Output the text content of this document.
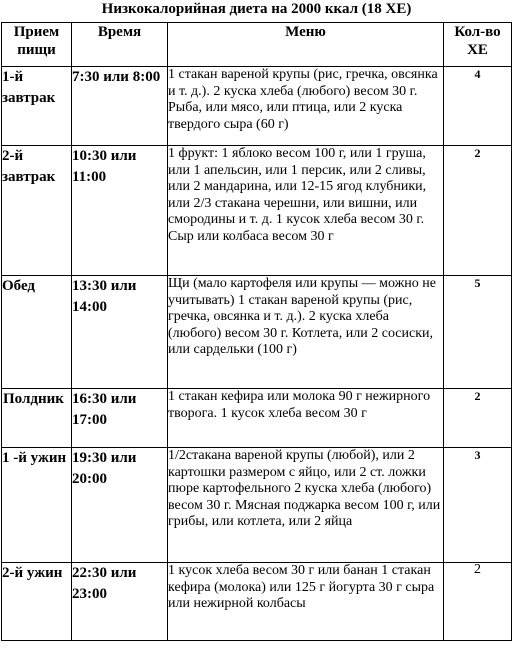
Низкокалорийная диета на 2000 ккал (18 ХЕ)
Прием пищи	Время	Меню	Кол-во ХЕ
1-й завтрак	7:30 или 8:00	1 стакан вареной крупы (рис, гречка, овсянка и т. д.). 2 куска хлеба (любого) весом 30 г. Рыба, или мясо, или птица, или 2 куска твердого сыра (60 г)	4
2-й завтрак	10:30 или 11:00	1 фрукт: 1 яблоко весом 100 г, или 1 груша, или 1 апельсин, или 1 персик, или 2 сливы, или 2 мандарина, или 12-15 ягод клубники, или 2/3 стакана черешни, или вишни, или смородины и т. д. 1 кусок хлеба весом 30 г. Сыр или колбаса весом 30 г	2
Обед	13:30 или 14:00	Щи (мало картофеля или крупы — можно не учитывать) 1 стакан вареной крупы (рис, гречка, овсянка и т. д.). 2 куска хлеба (любого) весом 30 г. Котлета, или 2 сосиски, или сардельки (100 г)	5
Полдник	16:30 или 17:00	1 стакан кефира или молока 90 г нежирного творога. 1 кусок хлеба весом 30 г	2
1 -й ужин	19:30 или 20:00	1/2стакана вареной крупы (любой), или 2 картошки размером с яйцо, или 2 ст. ложки пюре картофельного 2 куска хлеба (любого) весом 30 г. Мясная поджарка весом 100 г, или грибы, или котлета, или 2 яйца	3
2-й ужин	22:30 или 23:00	1 кусок хлеба весом 30 г или банан 1 стакан кефира (молока) или 125 г йогурта 30 г сыра или нежирной колбасы	2
